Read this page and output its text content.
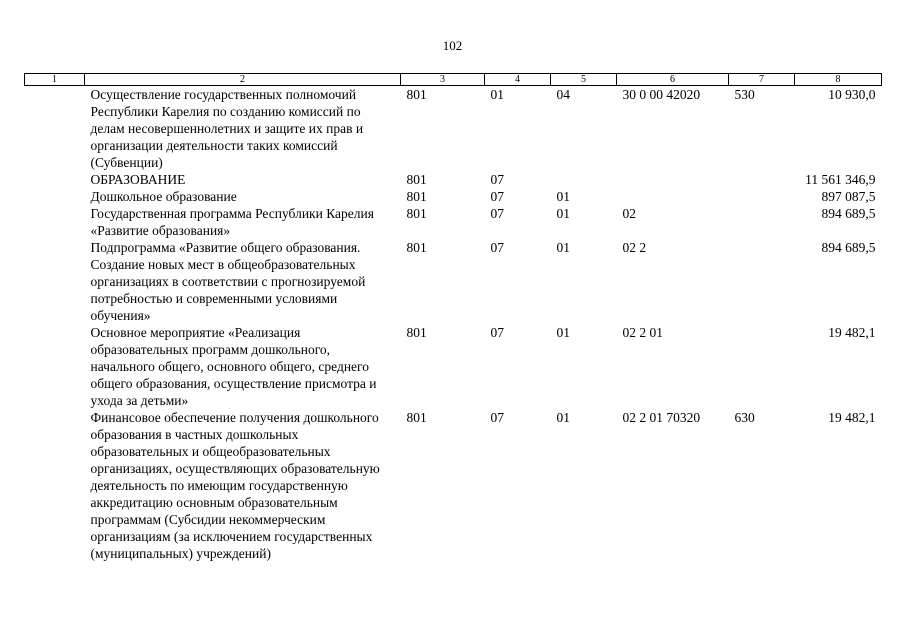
102
1	2	3	4	5	6	7	8
	Осуществление государственных полномочий Республики Карелия по созданию комиссий по делам несовершеннолетних и защите их прав и организации деятельности таких комиссий (Субвенции)	801	01	04	30 0 00 42020	530	10 930,0
	ОБРАЗОВАНИЕ	801	07				11 561 346,9
	Дошкольное образование	801	07	01			897 087,5
	Государственная программа Республики Карелия «Развитие образования»	801	07	01	02		894 689,5
	Подпрограмма «Развитие общего образования. Создание новых мест в общеобразовательных организациях в соответствии с прогнозируемой потребностью и современными условиями обучения»	801	07	01	02 2		894 689,5
	Основное мероприятие «Реализация образовательных программ дошкольного, начального общего, основного общего, среднего общего образования, осуществление присмотра и ухода за детьми»	801	07	01	02 2 01		19 482,1
	Финансовое обеспечение получения дошкольного образования в частных дошкольных образовательных и общеобразовательных организациях, осуществляющих образовательную деятельность по имеющим государственную аккредитацию основным образовательным программам (Субсидии некоммерческим организациям (за исключением государственных (муниципальных) учреждений)	801	07	01	02 2 01 70320	630	19 482,1
